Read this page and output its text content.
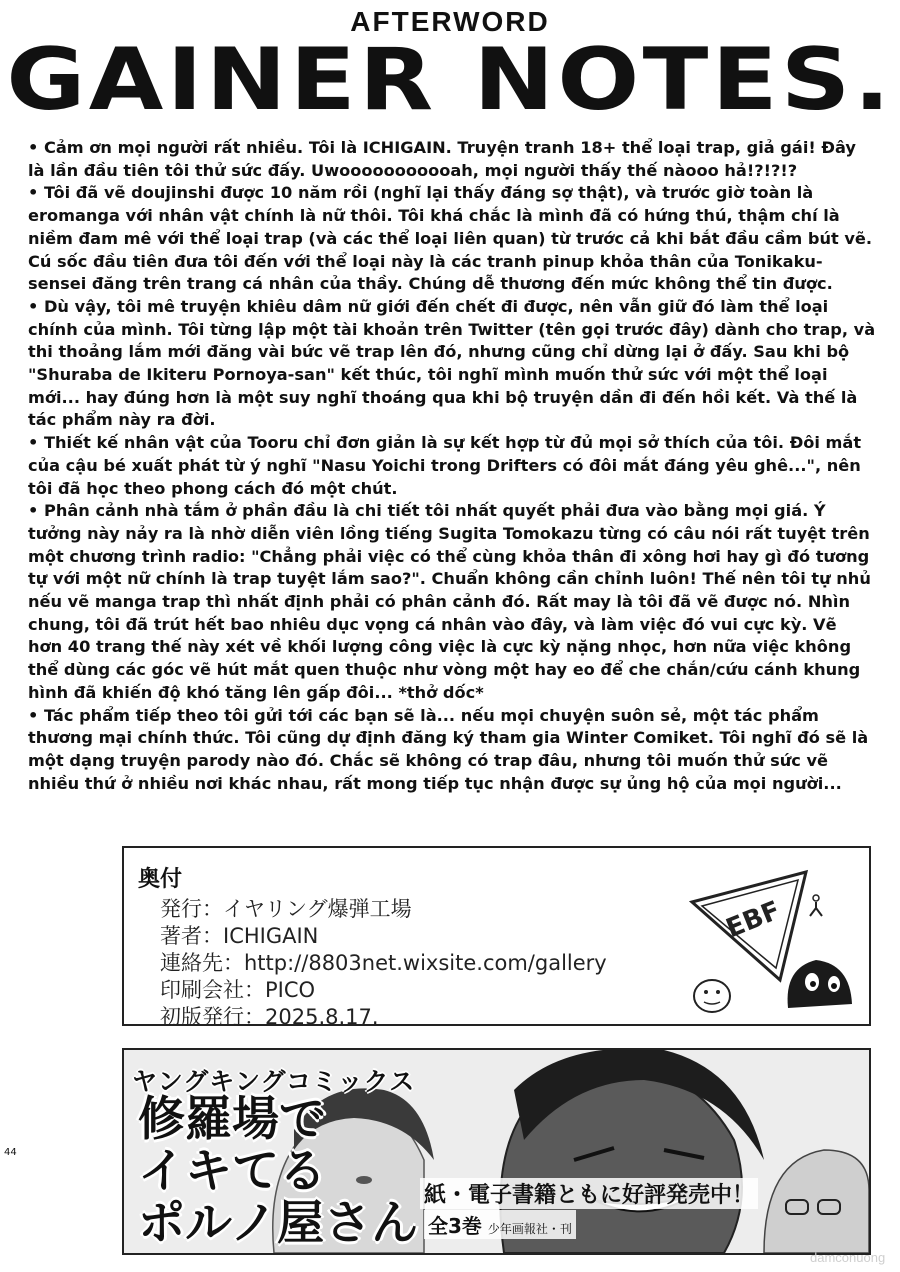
AFTERWORD
GAINER NOTES.

• Cảm ơn mọi người rất nhiều. Tôi là ICHIGAIN. Truyện tranh 18+ thể loại trap, giả gái! Đây là lần đầu tiên tôi thử sức đấy. Uwooooooooooah, mọi người thấy thế nàooo hả!?!?!?

• Tôi đã vẽ doujinshi được 10 năm rồi (nghĩ lại thấy đáng sợ thật), và trước giờ toàn là eromanga với nhân vật chính là nữ thôi. Tôi khá chắc là mình đã có hứng thú, thậm chí là niềm đam mê với thể loại trap (và các thể loại liên quan) từ trước cả khi bắt đầu cầm bút vẽ. Cú sốc đầu tiên đưa tôi đến với thể loại này là các tranh pinup khỏa thân của Tonikaku-sensei đăng trên trang cá nhân của thầy. Chúng dễ thương đến mức không thể tin được.

• Dù vậy, tôi mê truyện khiêu dâm nữ giới đến chết đi được, nên vẫn giữ đó làm thể loại chính của mình. Tôi từng lập một tài khoản trên Twitter (tên gọi trước đây) dành cho trap, và thi thoảng lắm mới đăng vài bức vẽ trap lên đó, nhưng cũng chỉ dừng lại ở đấy. Sau khi bộ "Shuraba de Ikiteru Pornoya-san" kết thúc, tôi nghĩ mình muốn thử sức với một thể loại mới... hay đúng hơn là một suy nghĩ thoáng qua khi bộ truyện dần đi đến hồi kết. Và thế là tác phẩm này ra đời.

• Thiết kế nhân vật của Tooru chỉ đơn giản là sự kết hợp từ đủ mọi sở thích của tôi. Đôi mắt của cậu bé xuất phát từ ý nghĩ "Nasu Yoichi trong Drifters có đôi mắt đáng yêu ghê...", nên tôi đã học theo phong cách đó một chút.

• Phân cảnh nhà tắm ở phần đầu là chi tiết tôi nhất quyết phải đưa vào bằng mọi giá. Ý tưởng này nảy ra là nhờ diễn viên lồng tiếng Sugita Tomokazu từng có câu nói rất tuyệt trên một chương trình radio: "Chẳng phải việc có thể cùng khỏa thân đi xông hơi hay gì đó tương tự với một nữ chính là trap tuyệt lắm sao?". Chuẩn không cần chỉnh luôn! Thế nên tôi tự nhủ nếu vẽ manga trap thì nhất định phải có phân cảnh đó. Rất may là tôi đã vẽ được nó. Nhìn chung, tôi đã trút hết bao nhiêu dục vọng cá nhân vào đây, và làm việc đó vui cực kỳ. Vẽ hơn 40 trang thế này xét về khối lượng công việc là cực kỳ nặng nhọc, hơn nữa việc không thể dùng các góc vẽ hút mắt quen thuộc như vòng một hay eo để che chắn/cứu cánh khung hình đã khiến độ khó tăng lên gấp đôi... *thở dốc*

• Tác phẩm tiếp theo tôi gửi tới các bạn sẽ là... nếu mọi chuyện suôn sẻ, một tác phẩm thương mại chính thức. Tôi cũng dự định đăng ký tham gia Winter Comiket. Tôi nghĩ đó sẽ là một dạng truyện parody nào đó. Chắc sẽ không có trap đâu, nhưng tôi muốn thử sức vẽ nhiều thứ ở nhiều nơi khác nhau, rất mong tiếp tục nhận được sự ủng hộ của mọi người...

奥付
発行：イヤリング爆弾工場
著者：ICHIGAIN
連絡先：http://8803net.wixsite.com/gallery
印刷会社：PICO
初版発行：2025.8.17.
EBF
ヤングキングコミックス
修羅場で
イキてる
ポルノ屋さん
紙・電子書籍ともに好評発売中！
全3巻 少年画報社・刊
44
damconuong
